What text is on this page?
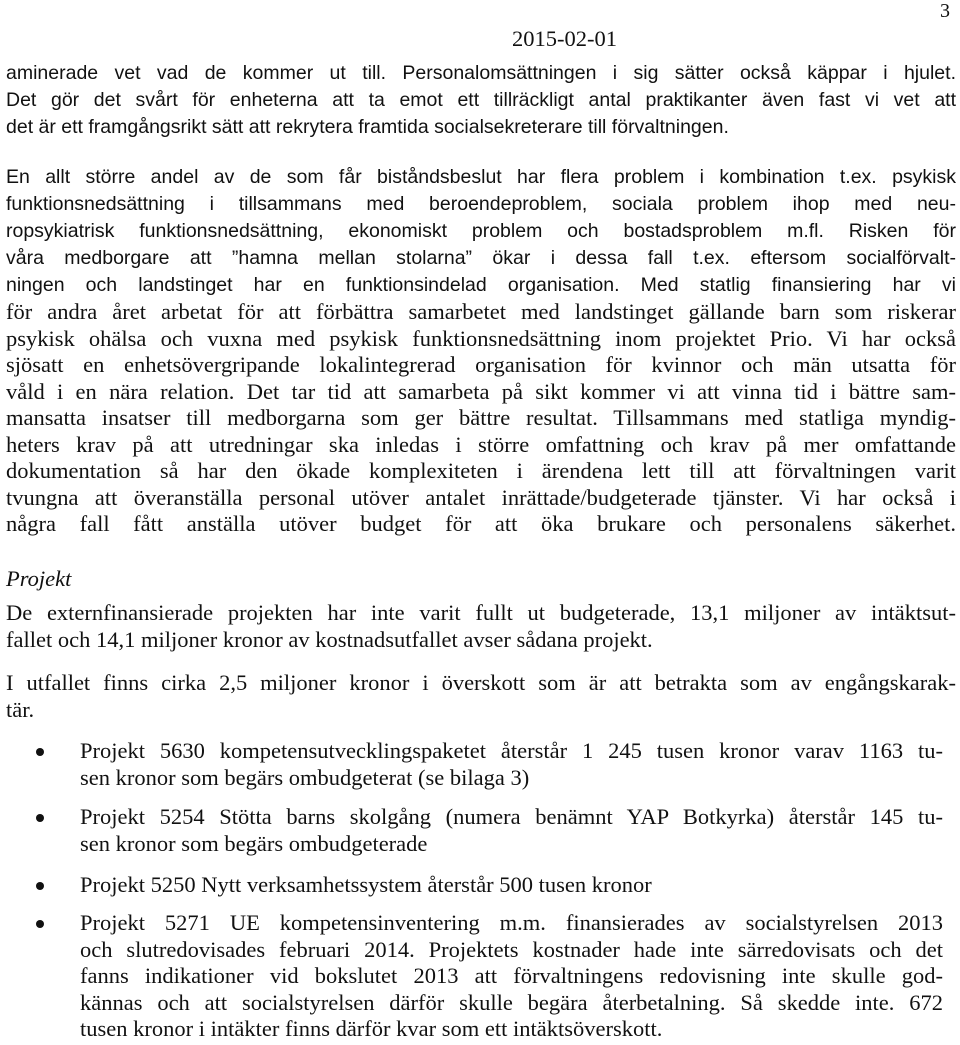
2015-02-01
3
aminerade vet vad de kommer ut till. Personalomsättningen i sig sätter också käppar i hjulet.
Det gör det svårt för enheterna att ta emot ett tillräckligt antal praktikanter även fast vi vet att
det är ett framgångsrikt sätt att rekrytera framtida socialsekreterare till förvaltningen.
En allt större andel av de som får biståndsbeslut har flera problem i kombination t.ex. psykisk
funktionsnedsättning i tillsammans med beroendeproblem, sociala problem ihop med neu-
ropsykiatrisk funktionsnedsättning, ekonomiskt problem och bostadsproblem m.fl. Risken för
våra medborgare att ”hamna mellan stolarna” ökar i dessa fall t.ex. eftersom socialförvalt-
ningen och landstinget har en funktionsindelad organisation. Med statlig finansiering har vi
för andra året arbetat för att förbättra samarbetet med landstinget gällande barn som riskerar
psykisk ohälsa och vuxna med psykisk funktionsnedsättning inom projektet Prio. Vi har också
sjösatt en enhetsövergripande lokalintegrerad organisation för kvinnor och män utsatta för
våld i en nära relation. Det tar tid att samarbeta på sikt kommer vi att vinna tid i bättre sam-
mansatta insatser till medborgarna som ger bättre resultat. Tillsammans med statliga myndig-
heters krav på att utredningar ska inledas i större omfattning och krav på mer omfattande
dokumentation så har den ökade komplexiteten i ärendena lett till att förvaltningen varit
tvungna att överanställa personal utöver antalet inrättade/budgeterade tjänster. Vi har också i
några fall fått anställa utöver budget för att öka brukare och personalens säkerhet.
Projekt
De externfinansierade projekten har inte varit fullt ut budgeterade, 13,1 miljoner av intäktsut-
fallet och 14,1 miljoner kronor av kostnadsutfallet avser sådana projekt.
I utfallet finns cirka 2,5 miljoner kronor i överskott som är att betrakta som av engångskarak-
tär.
Projekt 5630 kompetensutvecklingspaketet återstår 1 245 tusen kronor varav 1163 tu-
sen kronor som begärs ombudgeterat (se bilaga 3)
Projekt 5254 Stötta barns skolgång (numera benämnt YAP Botkyrka) återstår 145 tu-
sen kronor som begärs ombudgeterade
Projekt 5250 Nytt verksamhetssystem återstår 500 tusen kronor
Projekt 5271 UE kompetensinventering m.m. finansierades av socialstyrelsen 2013
och slutredovisades februari 2014. Projektets kostnader hade inte särredovisats och det
fanns indikationer vid bokslutet 2013 att förvaltningens redovisning inte skulle god-
kännas och att socialstyrelsen därför skulle begära återbetalning. Så skedde inte. 672
tusen kronor i intäkter finns därför kvar som ett intäktsöverskott.
